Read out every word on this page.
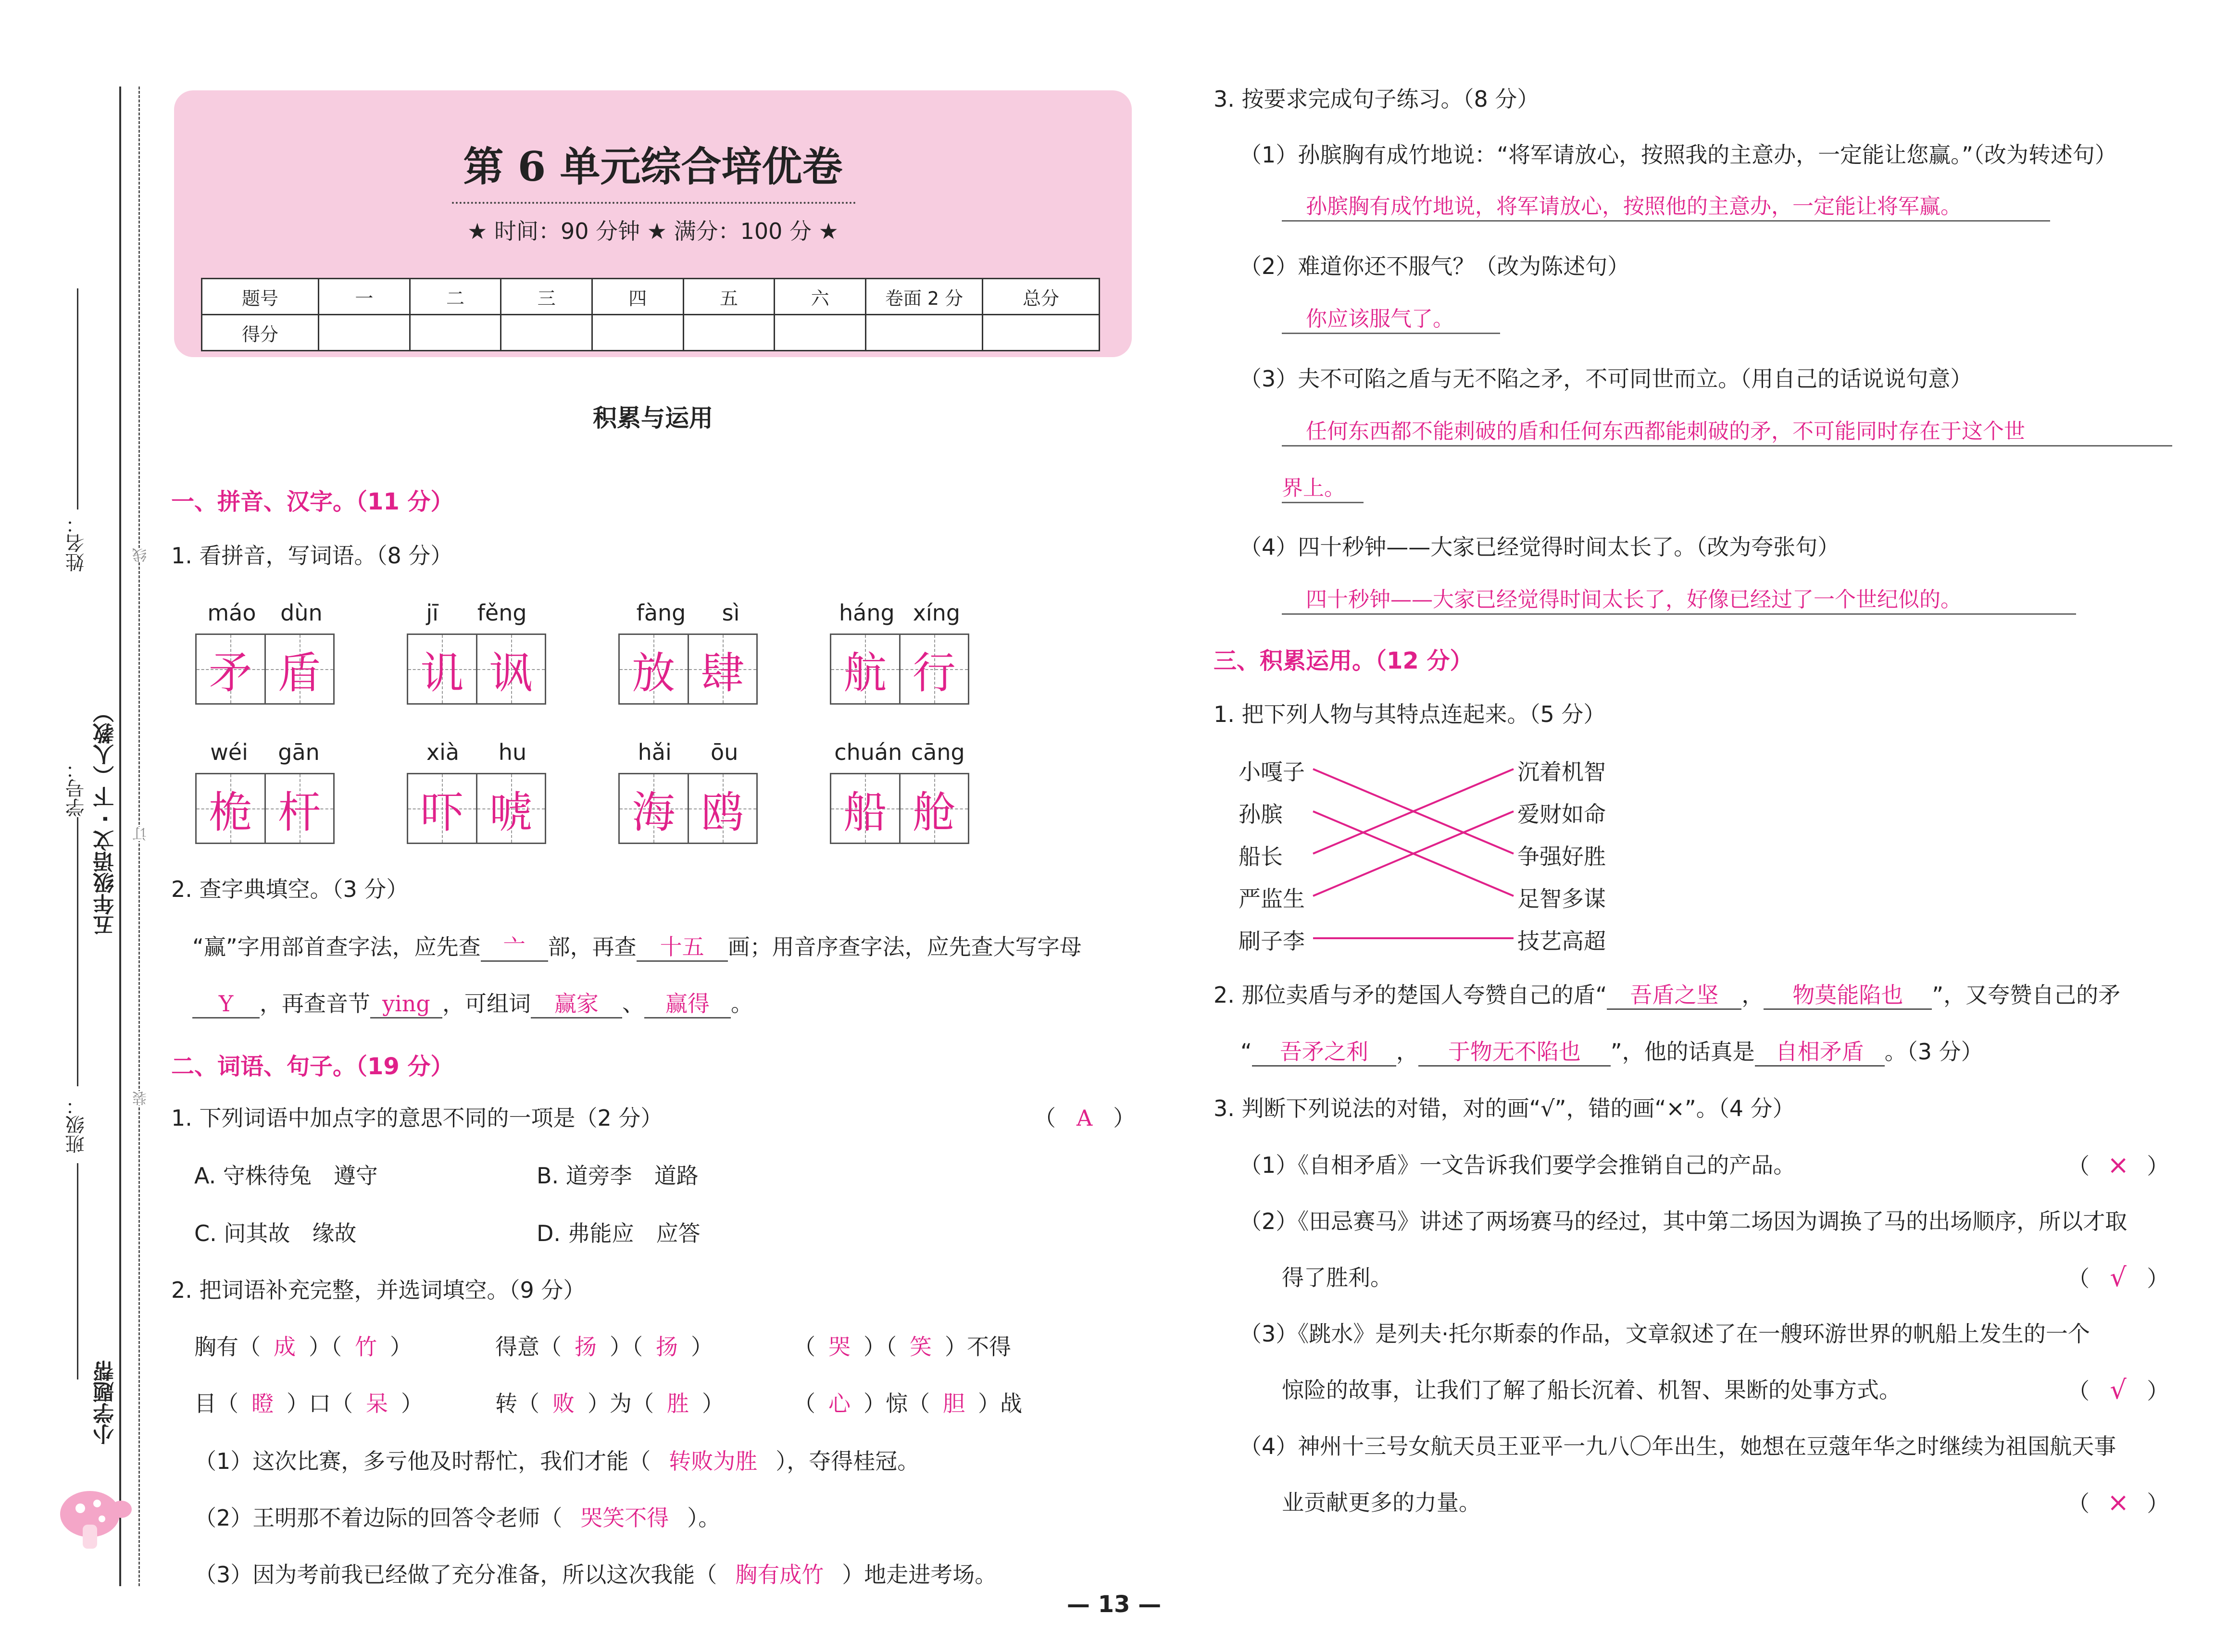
姓名：
学号：
班级：
五年级语文 · 下（人教）
小学题帮
线
订
装
第 6 单元综合培优卷
★ 时间：90 分钟 ★ 满分：100 分 ★
题号	一	二	三	四	五	六	卷面 2 分	总分
得分								
积累与运用
一、拼音、汉字。（11 分）
1. 看拼音，写词语。（8 分）
máo dùn
矛 盾
jī fěng
讥 讽
fàng sì
放 肆
háng xíng
航 行
wéi gān
桅 杆
xià hu
吓 唬
hǎi ōu
海 鸥
chuán cāng
船 舱
2. 查字典填空。（3 分）
“赢”字用部首查字法，应先查 亠 部，再查 十五 画；用音序查字法，应先查大写字母
Y ，再查音节 ying ，可组词 赢家 、 赢得 。
二、词语、句子。（19 分）
1. 下列词语中加点字的意思不同的一项是（2 分）	（ A ）
A. 守株待兔　遵守	B. 道旁李　道路
C. 问其故　缘故	D. 弗能应　应答
2. 把词语补充完整，并选词填空。（9 分）
胸有（ 成 ）（ 竹 ）	得意（ 扬 ）（ 扬 ）	（ 哭 ）（ 笑 ）不得
目（ 瞪 ）口（ 呆 ）	转（ 败 ）为（ 胜 ）	（ 心 ）惊（ 胆 ）战
（1）这次比赛，多亏他及时帮忙，我们才能（ 转败为胜 ），夺得桂冠。
（2）王明那不着边际的回答令老师（ 哭笑不得 ）。
（3）因为考前我已经做了充分准备，所以这次我能（ 胸有成竹 ）地走进考场。
3. 按要求完成句子练习。（8 分）
（1）孙膑胸有成竹地说：“将军请放心，按照我的主意办，一定能让您赢。”（改为转述句）
孙膑胸有成竹地说，将军请放心，按照他的主意办，一定能让将军赢。
（2）难道你还不服气？（改为陈述句）
你应该服气了。
（3）夫不可陷之盾与无不陷之矛，不可同世而立。（用自己的话说说句意）
任何东西都不能刺破的盾和任何东西都能刺破的矛，不可能同时存在于这个世
界上。
（4）四十秒钟——大家已经觉得时间太长了。（改为夸张句）
四十秒钟——大家已经觉得时间太长了，好像已经过了一个世纪似的。
三、积累运用。（12 分）
1. 把下列人物与其特点连起来。（5 分）
小嘎子
孙膑
船长
严监生
刷子李
沉着机智
爱财如命
争强好胜
足智多谋
技艺高超
2. 那位卖盾与矛的楚国人夸赞自己的盾“ 吾盾之坚 ， 物莫能陷也 ”，又夸赞自己的矛
“ 吾矛之利 ， 于物无不陷也 ”，他的话真是 自相矛盾 。（3 分）
3. 判断下列说法的对错，对的画“√”，错的画“×”。（4 分）
（1）《自相矛盾》一文告诉我们要学会推销自己的产品。	（ × ）
（2）《田忌赛马》讲述了两场赛马的经过，其中第二场因为调换了马的出场顺序，所以才取
得了胜利。	（ √ ）
（3）《跳水》是列夫·托尔斯泰的作品，文章叙述了在一艘环游世界的帆船上发生的一个
惊险的故事，让我们了解了船长沉着、机智、果断的处事方式。	（ √ ）
（4）神州十三号女航天员王亚平一九八〇年出生，她想在豆蔻年华之时继续为祖国航天事
业贡献更多的力量。	（ × ）
— 13 —
